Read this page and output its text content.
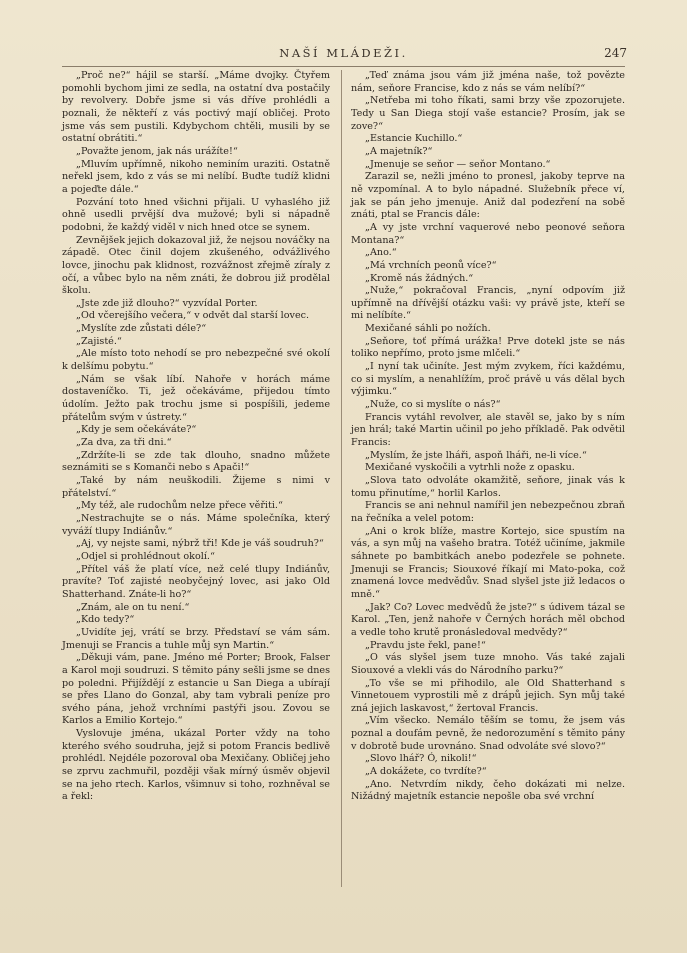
NAŠÍ MLÁDEŽI.	247

„Proč ne?“ hájil se starší. „Máme dvojky. Čtyřem pomohli bychom jimi ze sedla, na ostatní dva postačily by revolvery. Dobře jsme si vás dříve prohlédli a poznali, že někteří z vás poctivý mají obličej. Proto jsme vás sem pustili. Kdybychom chtěli, musili by se ostatní obrátiti.“

„Považte jenom, jak nás urážíte!“

„Mluvím upřímně, nikoho neminím uraziti. Ostatně neřekl jsem, kdo z vás se mi nelíbí. Buďte tudíž klidni a pojeďte dále.“

Pozvání toto hned všichni přijali. U vyhaslého již ohně usedli prvější dva mužové; byli si nápadně podobni, že každý viděl v nich hned otce se synem.

Zevnějšek jejich dokazoval již, že nejsou nováčky na západě. Otec činil dojem zkušeného, odvážlivého lovce, jinochu pak klidnost, rozvážnost zřejmě zíraly z očí, a vůbec bylo na něm znáti, že dobrou již prodělal školu.

„Jste zde již dlouho?“ vyzvídal Porter.

„Od včerejšího večera,“ v odvět dal starší lovec.

„Myslíte zde zůstati déle?“

„Zajisté.“

„Ale místo toto nehodí se pro nebezpečné své okolí k delšímu pobytu.“

„Nám se však líbí. Nahoře v horách máme dostaveníčko. Ti, jež očekáváme, přijedou tímto údolím. Ježto pak trochu jsme si pospíšili, jedeme přátelům svým v ústrety.“

„Kdy je sem očekáváte?“

„Za dva, za tři dni.“

„Zdržíte-li se zde tak dlouho, snadno můžete seznámiti se s Komanči nebo s Apači!“

„Také by nám neuškodili. Žijeme s nimi v přátelství.“

„My též, ale rudochům nelze přece věřiti.“

„Nestrachujte se o nás. Máme společníka, který vyváží tlupy Indiánův.“

„Aj, vy nejste sami, nýbrž tři! Kde je váš soudruh?“

„Odjel si prohlédnout okolí.“

„Přítel váš že platí více, než celé tlupy Indiánův, pravíte? Toť zajisté neobyčejný lovec, asi jako Old Shatterhand. Znáte-li ho?“

„Znám, ale on tu není.“

„Kdo tedy?“

„Uvidíte jej, vrátí se brzy. Představí se vám sám. Jmenuji se Francis a tuhle můj syn Martin.“

„Děkuji vám, pane. Jméno mé Porter; Brook, Falser a Karol moji soudruzi. S těmito pány sešli jsme se dnes po poledni. Přijíždějí z estancie u San Diega a ubírají se přes Llano do Gonzal, aby tam vybrali peníze pro svého pána, jehož vrchními pastýři jsou. Zovou se Karlos a Emilio Kortejo.“

Vyslovuje jména, ukázal Porter vždy na toho kterého svého soudruha, jejž si potom Francis bedlivě prohlédl. Nejdéle pozoroval oba Mexičany. Obličej jeho se zprvu zachmuřil, později však mírný úsměv objevil se na jeho rtech. Karlos, všimnuv si toho, rozhněval se a řekl:

„Teď známa jsou vám již jména naše, tož povězte nám, seňore Francise, kdo z nás se vám nelíbí?“

„Netřeba mi toho říkati, sami brzy vše zpozorujete. Tedy u San Diega stojí vaše estancie? Prosím, jak se zove?“

„Estancie Kuchillo.“

„A majetník?“

„Jmenuje se seňor — seňor Montano.“

Zarazil se, nežli jméno to pronesl, jakoby teprve na ně vzpomínal. A to bylo nápadné. Služebník přece ví, jak se pán jeho jmenuje. Aniž dal podezření na sobě znáti, ptal se Francis dále:

„A vy jste vrchní vaquerové nebo peonové seňora Montana?“

„Ano.“

„Má vrchních peonů více?“

„Kromě nás žádných.“

„Nuže,“ pokračoval Francis, „nyní odpovím již upřímně na dřívější otázku vaši: vy právě jste, kteří se mi nelíbíte.“

Mexičané sáhli po nožích.

„Seňore, toť přímá urážka! Prve dotekl jste se nás toliko nepřímo, proto jsme mlčeli.“

„I nyní tak učiníte. Jest mým zvykem, říci každému, co si myslím, a nenahlížím, proč právě u vás dělal bych výjimku.“

„Nuže, co si myslíte o nás?“

Francis vytáhl revolver, ale stavěl se, jako by s ním jen hrál; také Martin učinil po jeho příkladě. Pak odvětil Francis:

„Myslím, že jste lháři, aspoň lháři, ne-li více.“

Mexičané vyskočili a vytrhli nože z opasku.

„Slova tato odvoláte okamžitě, seňore, jinak vás k tomu přinutíme,“ horlil Karlos.

Francis se ani nehnul namířil jen nebezpečnou zbraň na řečníka a velel potom:

„Ani o krok blíže, mastre Kortejo, sice spustím na vás, a syn můj na vašeho bratra. Totéž učiníme, jakmile sáhnete po bambitkách anebo podezřele se pohnete. Jmenuji se Francis; Siouxové říkají mi Mato-poka, což znamená lovce medvědův. Snad slyšel jste již ledacos o mně.“

„Jak? Co? Lovec medvědů že jste?“ s údivem tázal se Karol. „Ten, jenž nahoře v Černých horách měl obchod a vedle toho krutě pronásledoval medvědy?“

„Pravdu jste řekl, pane!“

„O vás slyšel jsem tuze mnoho. Vás také zajali Siouxové a vlekli vás do Národního parku?“

„To vše se mi přihodilo, ale Old Shatterhand s Vinnetouem vyprostili mě z drápů jejich. Syn můj také zná jejich laskavost,“ žertoval Francis.

„Vím všecko. Nemálo těším se tomu, že jsem vás poznal a doufám pevně, že nedorozumění s těmito pány v dobrotě bude urovnáno. Snad odvoláte své slovo?“

„Slovo lhář? Ó, nikoli!“

„A dokážete, co tvrdíte?“

„Ano. Netvrdím nikdy, čeho dokázati mi nelze. Nižádný majetník estancie nepošle oba své vrchní
